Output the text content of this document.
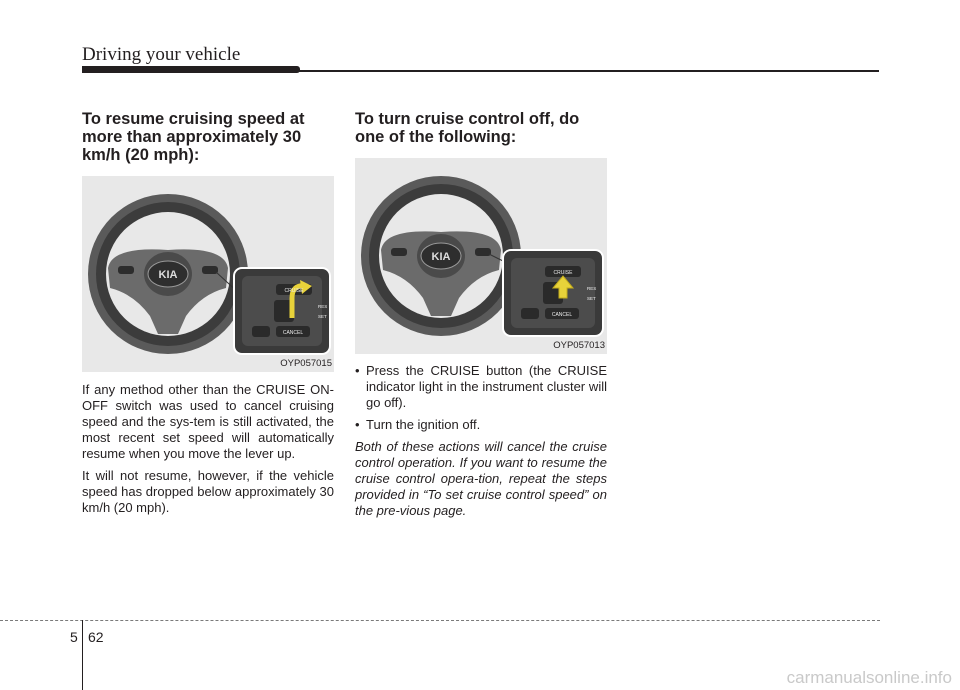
Driving your vehicle
To resume cruising speed at more than approximately 30 km/h (20 mph):
KIA
CRUISE
CANCEL
RES
SET
OYP057015

If any method other than the CRUISE ON-OFF switch was used to cancel cruising speed and the sys-tem is still activated, the most recent set speed will automatically resume when you move the lever up.

It will not resume, however, if the vehicle speed has dropped below approximately 30 km/h (20 mph).

To turn cruise control off, do one of the following:
KIA
CRUISE
CANCEL
RES
SET
OYP057013
• Press the CRUISE button (the CRUISE indicator light in the instrument cluster will go off).
• Turn the ignition off.

Both of these actions will cancel the cruise control operation. If you want to resume the cruise control opera-tion, repeat the steps provided in “To set cruise control speed” on the pre-vious page.

5 62
carmanualsonline.info
